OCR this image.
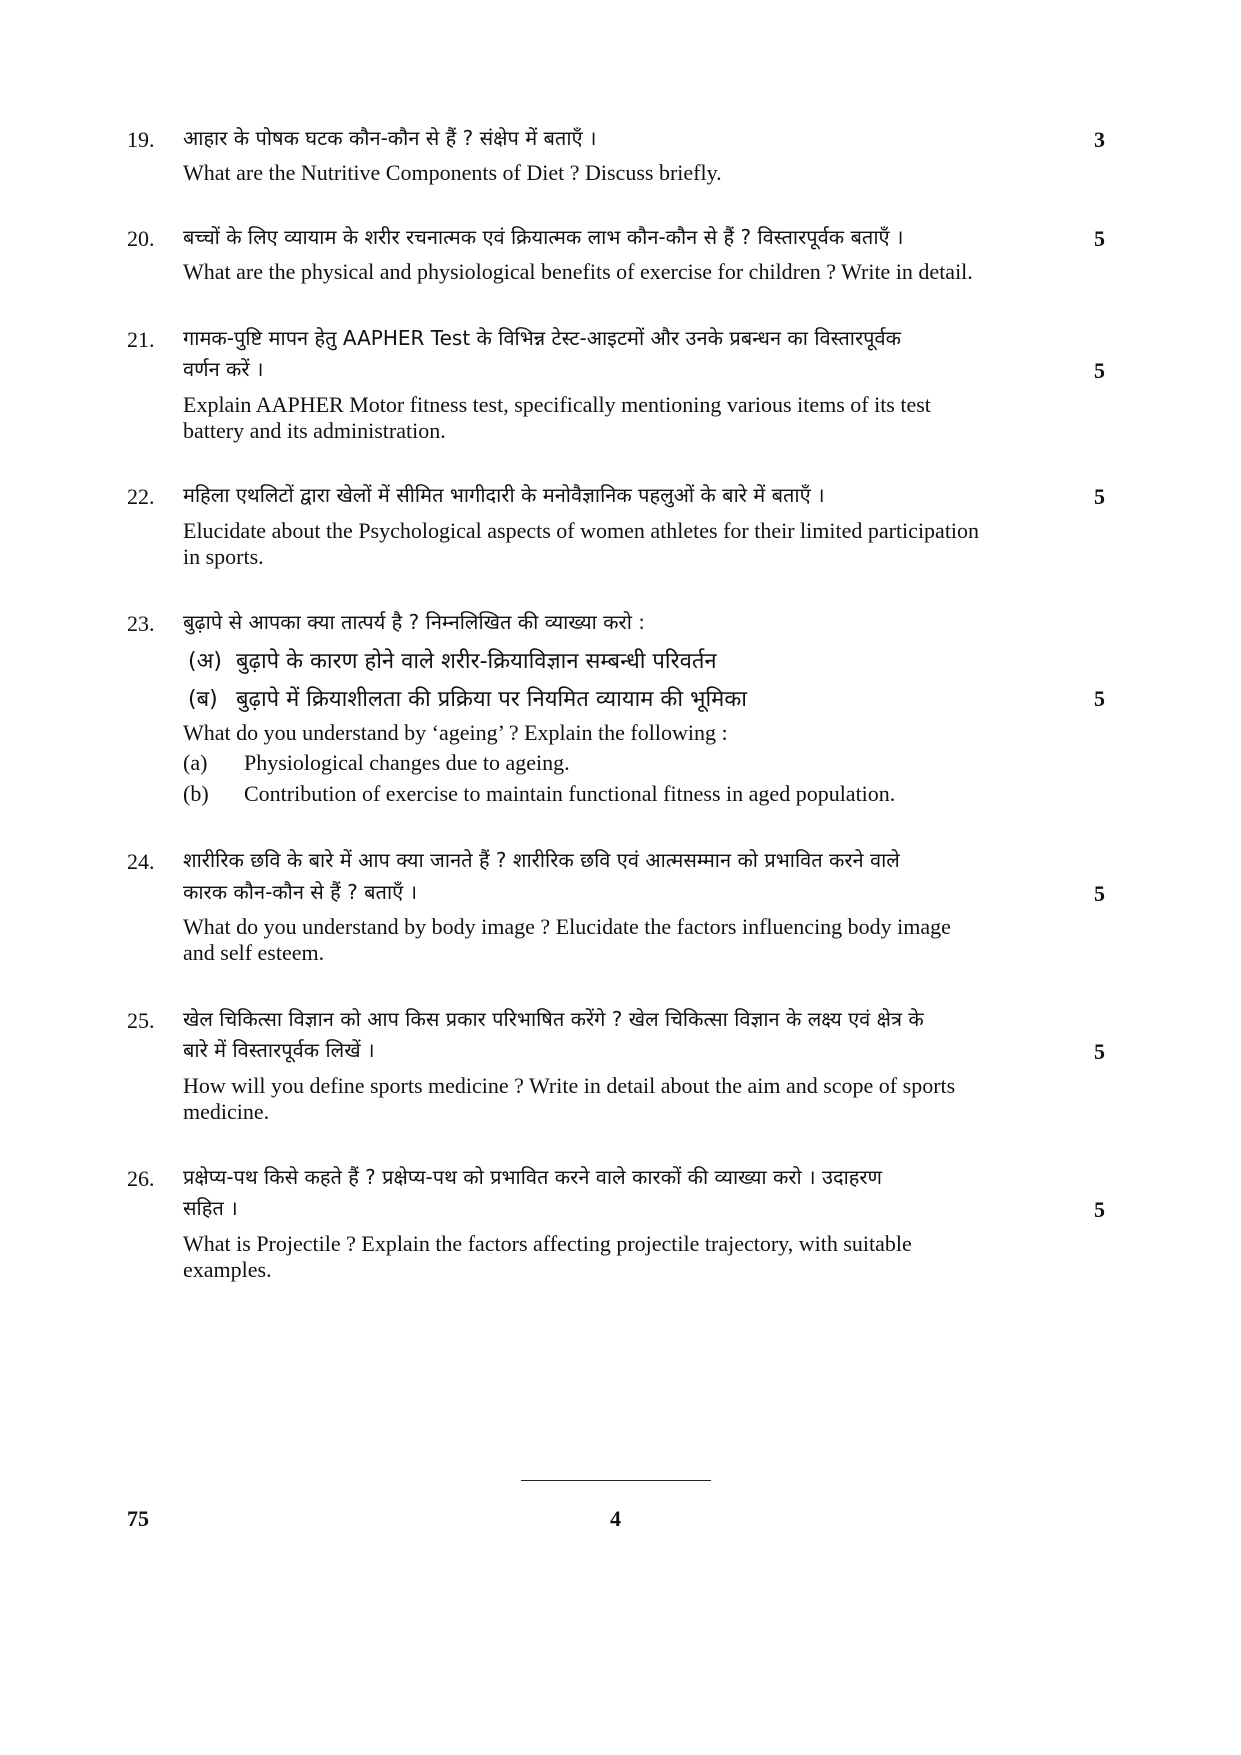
19. आहार के पोषक घटक कौन-कौन से हैं ? संक्षेप में बताएँ ।	3
What are the Nutritive Components of Diet ? Discuss briefly.
20. बच्चों के लिए व्यायाम के शरीर रचनात्मक एवं क्रियात्मक लाभ कौन-कौन से हैं ? विस्तारपूर्वक बताएँ ।	5
What are the physical and physiological benefits of exercise for children ? Write in detail.
21. गामक-पुष्टि मापन हेतु AAPHER Test के विभिन्न टेस्ट-आइटमों और उनके प्रबन्धन का विस्तारपूर्वक
वर्णन करें ।	5
Explain AAPHER Motor fitness test, specifically mentioning various items of its test
battery and its administration.
22. महिला एथलिटों द्वारा खेलों में सीमित भागीदारी के मनोवैज्ञानिक पहलुओं के बारे में बताएँ ।	5
Elucidate about the Psychological aspects of women athletes for their limited participation
in sports.
23. बुढ़ापे से आपका क्या तात्पर्य है ? निम्नलिखित की व्याख्या करो :
(अ) बुढ़ापे के कारण होने वाले शरीर-क्रियाविज्ञान सम्बन्धी परिवर्तन
(ब) बुढ़ापे में क्रियाशीलता की प्रक्रिया पर नियमित व्यायाम की भूमिका	5
What do you understand by ‘ageing’ ? Explain the following :
(a) Physiological changes due to ageing.
(b) Contribution of exercise to maintain functional fitness in aged population.
24. शारीरिक छवि के बारे में आप क्या जानते हैं ? शारीरिक छवि एवं आत्मसम्मान को प्रभावित करने वाले
कारक कौन-कौन से हैं ? बताएँ ।	5
What do you understand by body image ? Elucidate the factors influencing body image
and self esteem.
25. खेल चिकित्सा विज्ञान को आप किस प्रकार परिभाषित करेंगे ? खेल चिकित्सा विज्ञान के लक्ष्य एवं क्षेत्र के
बारे में विस्तारपूर्वक लिखें ।	5
How will you define sports medicine ? Write in detail about the aim and scope of sports
medicine.
26. प्रक्षेप्य-पथ किसे कहते हैं ? प्रक्षेप्य-पथ को प्रभावित करने वाले कारकों की व्याख्या करो । उदाहरण
सहित ।	5
What is Projectile ? Explain the factors affecting projectile trajectory, with suitable
examples.
75	4
